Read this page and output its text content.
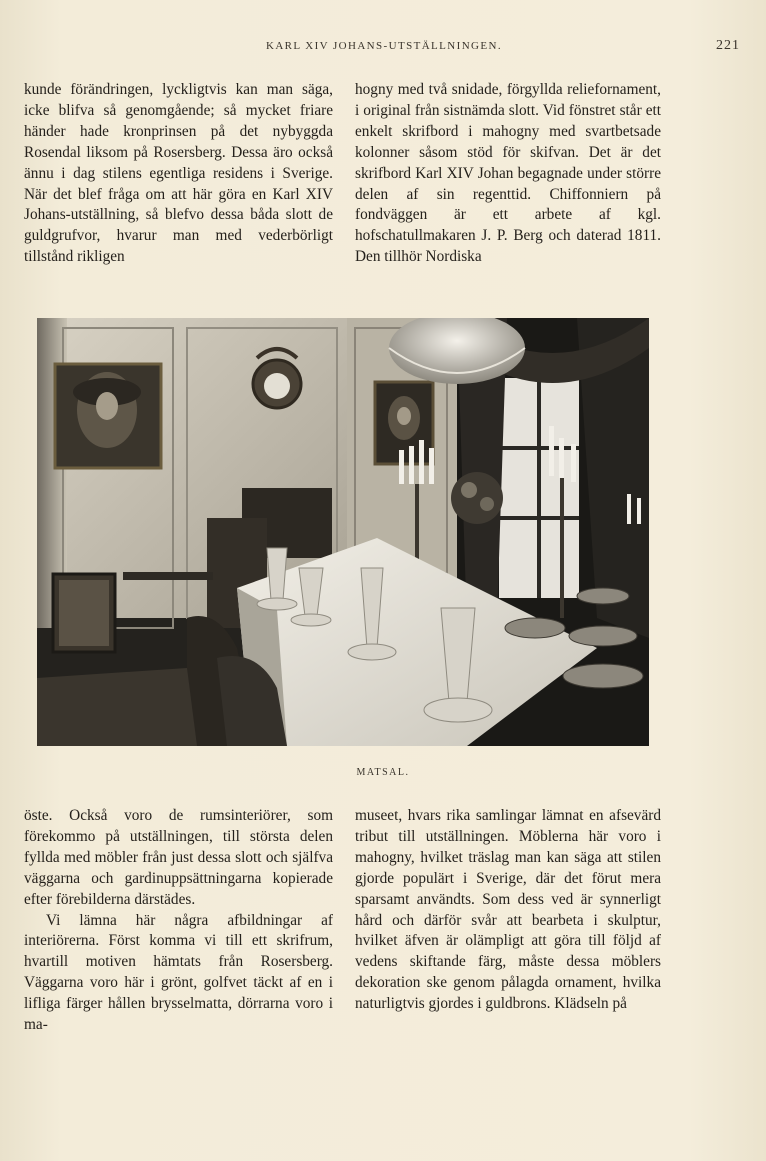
KARL XIV JOHANS-UTSTÄLLNINGEN.	221

kunde förändringen, lyckligtvis kan man säga, icke blifva så genomgående; så mycket friare händer hade kronprinsen på det nybyggda Rosendal liksom på Rosersberg. Dessa äro också ännu i dag stilens egentliga residens i Sverige. När det blef fråga om att här göra en Karl XIV Johans-utställning, så blefvo dessa båda slott de guldgrufvor, hvarur man med vederbörligt tillstånd rikligen

hogny med två snidade, förgyllda reliefornament, i original från sistnämda slott. Vid fönstret står ett enkelt skrifbord i mahogny med svartbetsade kolonner såsom stöd för skifvan. Det är det skrifbord Karl XIV Johan begagnade under större delen af sin regenttid. Chiffonniern på fondväggen är ett arbete af kgl. hofschatullmakaren J. P. Berg och daterad 1811. Den tillhör Nordiska

MATSAL.

öste. Också voro de rumsinteriörer, som förekommo på utställningen, till största delen fyllda med möbler från just dessa slott och själfva väggarna och gardinuppsättningarna kopierade efter förebilderna därstädes.

Vi lämna här några afbildningar af interiörerna. Först komma vi till ett skrifrum, hvartill motiven hämtats från Rosersberg. Väggarna voro här i grönt, golfvet täckt af en i lifliga färger hållen brysselmatta, dörrarna voro i ma-

museet, hvars rika samlingar lämnat en afsevärd tribut till utställningen. Möblerna här voro i mahogny, hvilket träslag man kan säga att stilen gjorde populärt i Sverige, där det förut mera sparsamt användts. Som dess ved är synnerligt hård och därför svår att bearbeta i skulptur, hvilket äfven är olämpligt att göra till följd af vedens skiftande färg, måste dessa möblers dekoration ske genom pålagda ornament, hvilka naturligtvis gjordes i guldbrons. Klädseln på
